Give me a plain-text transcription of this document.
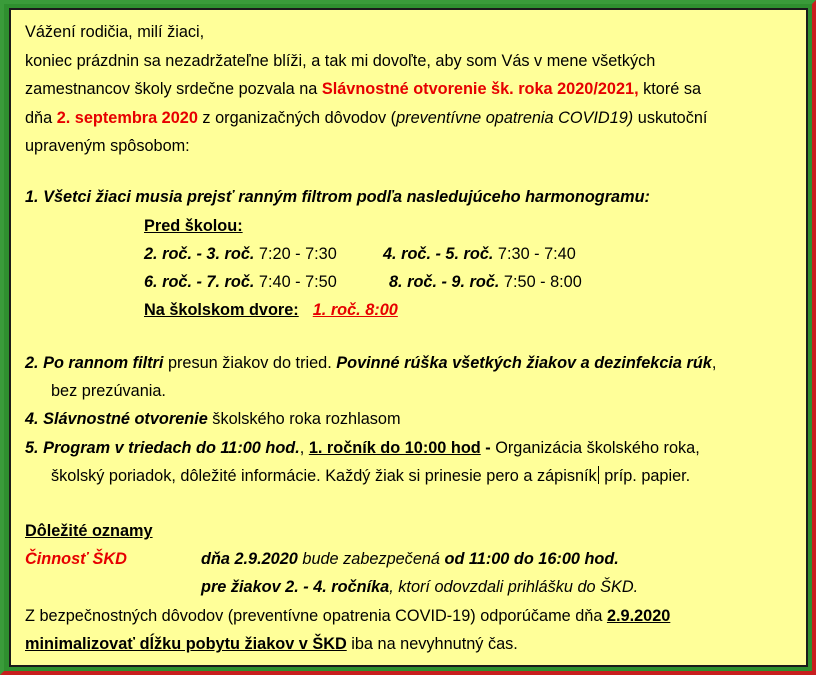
Vážení rodičia, milí žiaci,
koniec prázdnin sa nezadržateľne blíži, a tak mi dovoľte, aby som Vás v mene všetkých
zamestnancov školy srdečne pozvala na Slávnostné otvorenie šk. roka 2020/2021, ktoré sa
dňa 2. septembra 2020 z organizačných dôvodov (preventívne opatrenia COVID19) uskutoční
upraveným spôsobom:
1. Všetci žiaci musia prejsť ranným filtrom podľa nasledujúceho harmonogramu:
Pred školou:
2. roč. - 3. roč. 7:20 - 7:30	4. roč. - 5. roč. 7:30 - 7:40
6. roč. - 7. roč. 7:40 - 7:50	8. roč. - 9. roč. 7:50 - 8:00
Na školskom dvore: 1. roč. 8:00
2. Po rannom filtri presun žiakov do tried. Povinné rúška všetkých žiakov a dezinfekcia rúk,
bez prezúvania.
4. Slávnostné otvorenie školského roka rozhlasom
5. Program v triedach do 11:00 hod., 1. ročník do 10:00 hod - Organizácia školského roka,
školský poriadok, dôležité informácie. Každý žiak si prinesie pero a zápisník príp. papier.
Dôležité oznamy
Činnosť ŠKD	dňa 2.9.2020 bude zabezpečená od 11:00 do 16:00 hod.
pre žiakov 2. - 4. ročníka, ktorí odovzdali prihlášku do ŠKD.
Z bezpečnostných dôvodov (preventívne opatrenia COVID-19) odporúčame dňa 2.9.2020
minimalizovať dĺžku pobytu žiakov v ŠKD iba na nevyhnutný čas.
